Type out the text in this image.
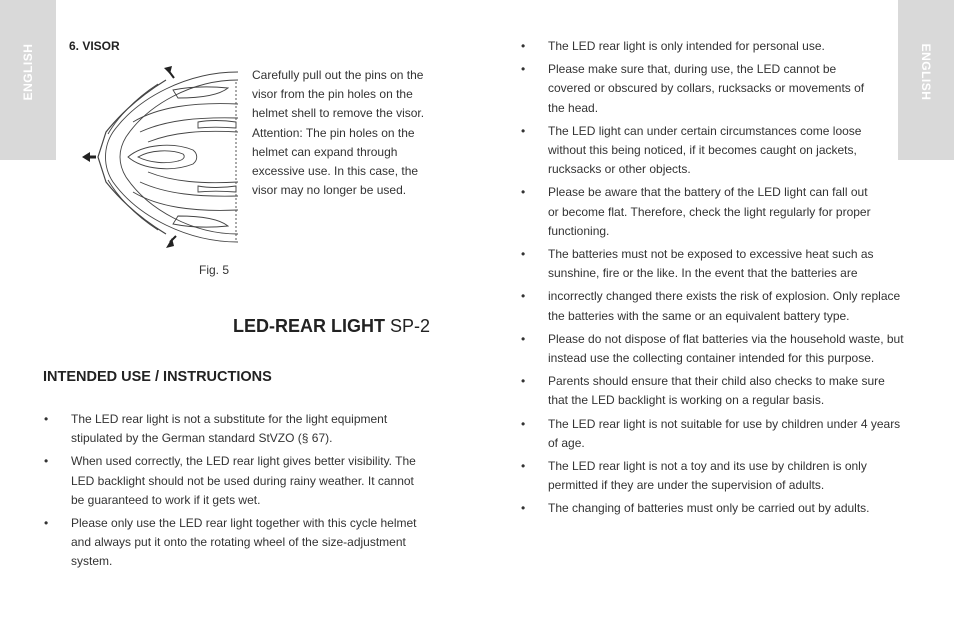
ENGLISH	ENGLISH
6. VISOR
Carefully pull out the pins on the
visor from the pin holes on the
helmet shell to remove the visor.
Attention: The pin holes on the
helmet can expand through
excessive use. In this case, the
visor may no longer be used.
Fig. 5
LED-REAR LIGHT SP-2
INTENDED USE / INSTRUCTIONS
• The LED rear light is not a substitute for the light equipment
stipulated by the German standard StVZO (§ 67).
• When used correctly, the LED rear light gives better visibility. The
LED backlight should not be used during rainy weather. It cannot
be guaranteed to work if it gets wet.
• Please only use the LED rear light together with this cycle helmet
and always put it onto the rotating wheel of the size-adjustment
system.
• The LED rear light is only intended for personal use.
• Please make sure that, during use, the LED cannot be
covered or obscured by collars, rucksacks or movements of
the head.
• The LED light can under certain circumstances come loose
without this being noticed, if it becomes caught on jackets,
rucksacks or other objects.
• Please be aware that the battery of the LED light can fall out
or become flat. Therefore, check the light regularly for proper
functioning.
• The batteries must not be exposed to excessive heat such as
sunshine, fire or the like. In the event that the batteries are
• incorrectly changed there exists the risk of explosion. Only replace
the batteries with the same or an equivalent battery type.
• Please do not dispose of flat batteries via the household waste, but
instead use the collecting container intended for this purpose.
• Parents should ensure that their child also checks to make sure
that the LED backlight is working on a regular basis.
• The LED rear light is not suitable for use by children under 4 years
of age.
• The LED rear light is not a toy and its use by children is only
permitted if they are under the supervision of adults.
• The changing of batteries must only be carried out by adults.
